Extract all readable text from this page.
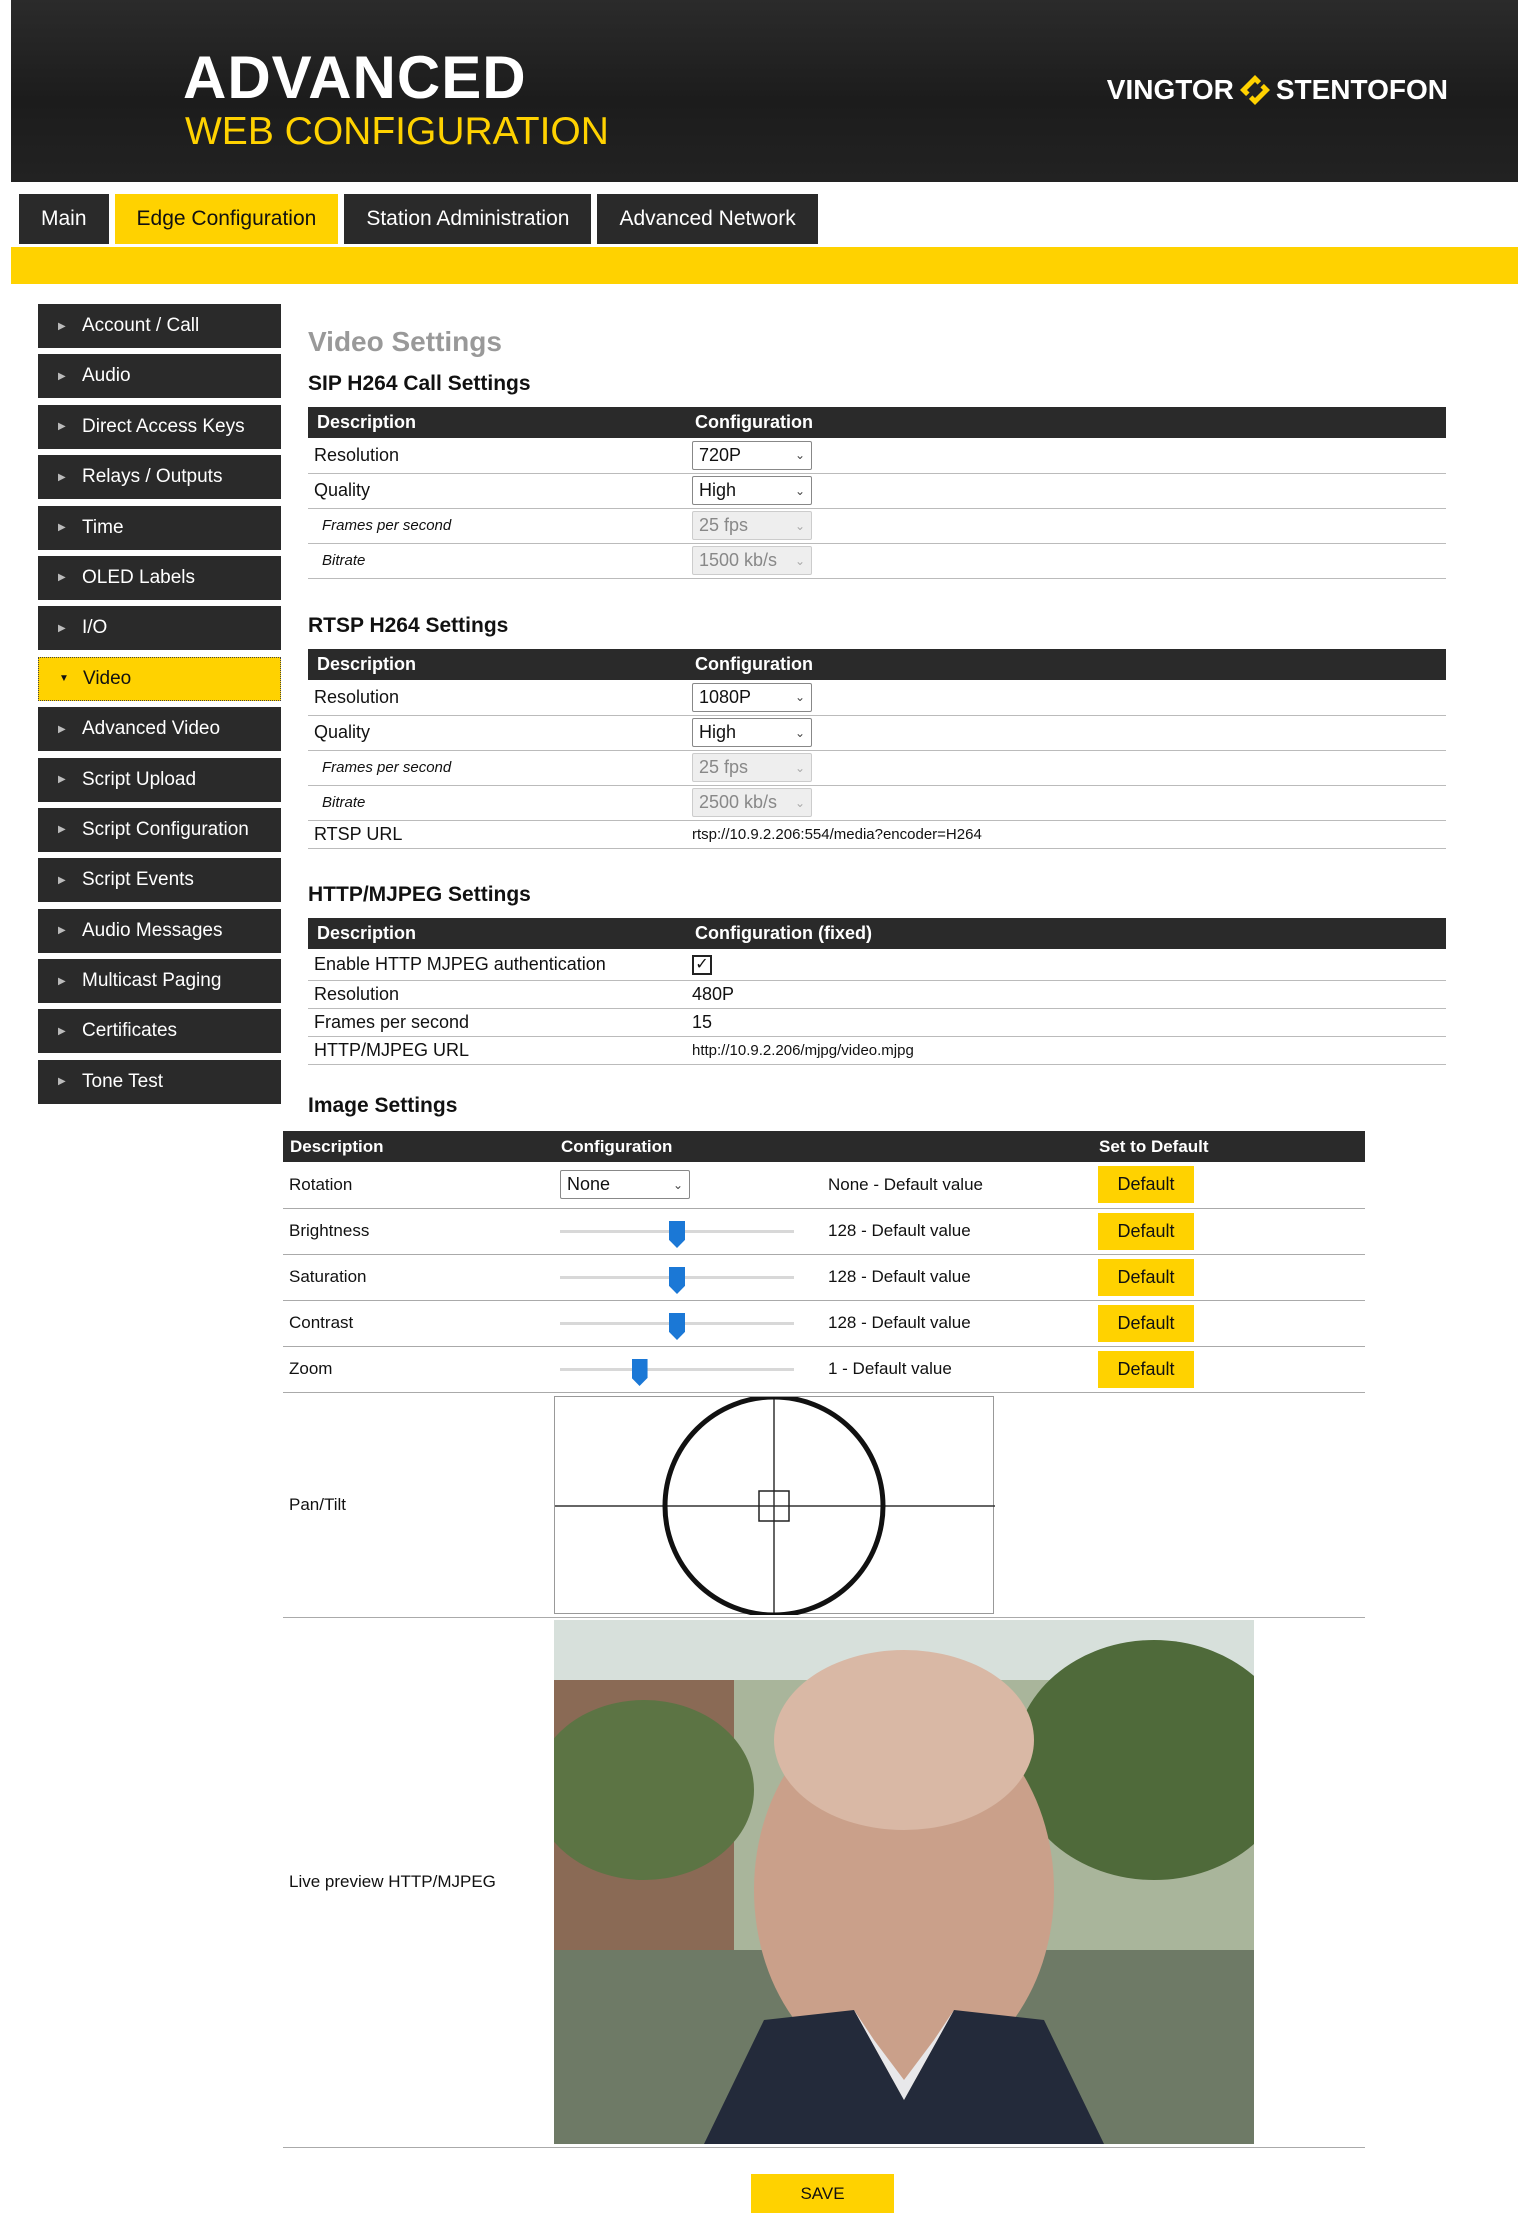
ADVANCED
WEB CONFIGURATION
VINGTOR STENTOFON
Main	Edge Configuration	Station Administration	Advanced Network
▶ Account / Call
▶ Audio
▶ Direct Access Keys
▶ Relays / Outputs
▶ Time
▶ OLED Labels
▶ I/O
▼ Video
▶ Advanced Video
▶ Script Upload
▶ Script Configuration
▶ Script Events
▶ Audio Messages
▶ Multicast Paging
▶ Certificates
▶ Tone Test
Video Settings
SIP H264 Call Settings
Description	Configuration
Resolution	720P ⌄

Quality	High ⌄

Frames per second	25 fps ⌄

Bitrate	1500 kb/s ⌄
RTSP H264 Settings
Description	Configuration
Resolution	1080P ⌄

Quality	High ⌄

Frames per second	25 fps ⌄

Bitrate	2500 kb/s ⌄

RTSP URL	rtsp://10.9.2.206:554/media?encoder=H264
HTTP/MJPEG Settings
Description	Configuration (fixed)
Enable HTTP MJPEG authentication	✓
Resolution	480P
Frames per second	15
HTTP/MJPEG URL	http://10.9.2.206/mjpg/video.mjpg
Image Settings
Description	Configuration		Set to Default
Rotation	None ⌄	None - Default value	Default
Brightness		128 - Default value	Default
Saturation		128 - Default value	Default
Contrast		128 - Default value	Default
Zoom		1 - Default value	Default
Pan/Tilt	

Live preview HTTP/MJPEG	
SAVE
